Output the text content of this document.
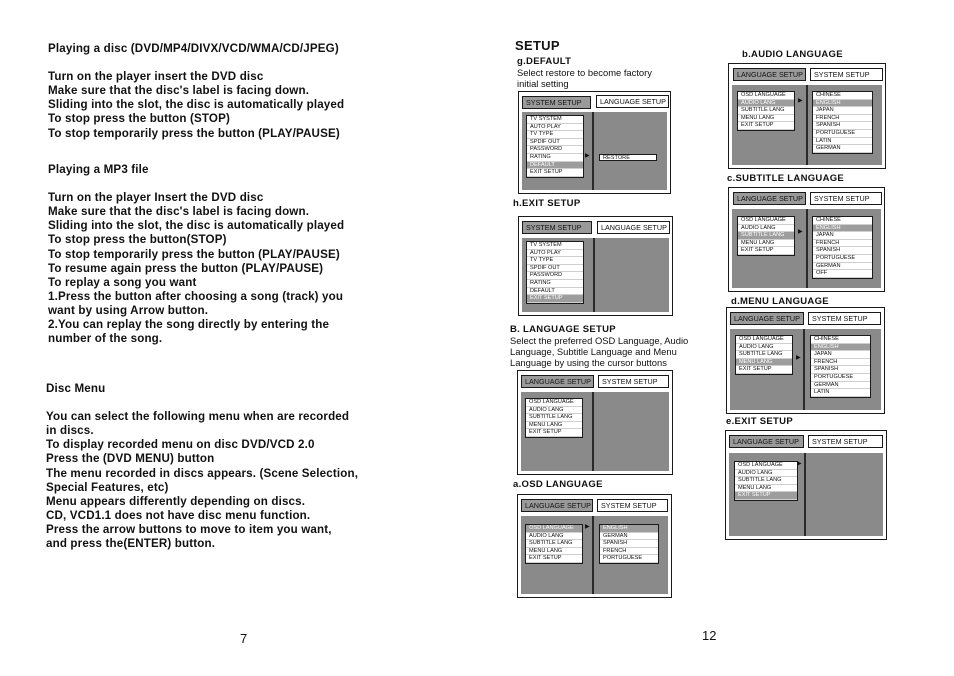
Playing a disc (DVD/MP4/DIVX/VCD/WMA/CD/JPEG)

Turn on the player insert the DVD disc
Make sure that the disc's label is facing down.
Sliding into the slot, the disc is automatically played
To stop press the button (STOP)
To stop temporarily press the button (PLAY/PAUSE)
Playing a MP3 file

Turn on the player Insert the DVD disc
Make sure that the disc's label is facing down.
Sliding into the slot, the disc is automatically played
To stop press the button(STOP)
To stop temporarily press the button (PLAY/PAUSE)
To resume again press the button (PLAY/PAUSE)
To replay a song you want
1.Press the button after choosing a song (track) you
want by using Arrow button.
2.You can replay the song directly by entering the
number of the song.
Disc Menu

You can select the following menu when are recorded
in discs.
To display recorded menu on disc DVD/VCD 2.0
Press the (DVD MENU) button
The menu recorded in discs appears. (Scene Selection,
Special Features, etc)
Menu appears differently depending on discs.
CD, VCD1.1 does not have disc menu function.
Press the arrow buttons to move to item you want,
and press the(ENTER) button.
7
SETUP
g.DEFAULT
Select restore to become factory
initial setting
SYSTEM SETUP	LANGUAGE SETUP
TV SYSTEM
AUTO PLAY
TV TYPE
SPDIF OUT
PASSWORD
RATING
DEFAULT
EXIT SETUP
▶	RESTORE
h.EXIT SETUP
SYSTEM SETUP	LANGUAGE SETUP
TV SYSTEM
AUTO PLAY
TV TYPE
SPDIF OUT
PASSWORD
RATING
DEFAULT
EXIT SETUP
B. LANGUAGE SETUP
Select the preferred OSD Language, Audio
Language, Subtitle Language and Menu
Language by using the cursor buttons
LANGUAGE SETUP	SYSTEM SETUP
OSD LANGUAGE
AUDIO LANG
SUBTITLE LANG
MENU LANG
EXIT SETUP
a.OSD LANGUAGE
LANGUAGE SETUP	SYSTEM SETUP
OSD LANGUAGE
AUDIO LANG
SUBTITLE LANG
MENU LANG
EXIT SETUP
▶	ENGLISH
GERMAN
SPANISH
FRENCH
PORTUGUESE
12
b.AUDIO LANGUAGE
LANGUAGE SETUP	SYSTEM SETUP
OSD LANGUAGE
AUDIO LANG
SUBTITLE LANG
MENU LANG
EXIT SETUP
▶
CHINESE
ENGLISH
JAPAN
FRENCH
SPANISH
PORTUGUESE
LATIN
GERMAN
c.SUBTITLE LANGUAGE
LANGUAGE SETUP	SYSTEM SETUP
OSD LANGUAGE
AUDIO LANG
SUBTITLE LANG
MENU LANG
EXIT SETUP
▶
CHINESE
ENGLISH
JAPAN
FRENCH
SPANISH
PORTUGUESE
GERMAN
OFF
d.MENU LANGUAGE
LANGUAGE SETUP	SYSTEM SETUP
OSD LANGUAGE
AUDIO LANG
SUBTITLE LANG
MENU LANG
EXIT SETUP
▶
CHINESE
ENGLISH
JAPAN
FRENCH
SPANISH
PORTUGUESE
GERMAN
LATIN
e.EXIT SETUP
LANGUAGE SETUP	SYSTEM SETUP
OSD LANGUAGE
AUDIO LANG
SUBTITLE LANG
MENU LANG
EXIT SETUP
▶
